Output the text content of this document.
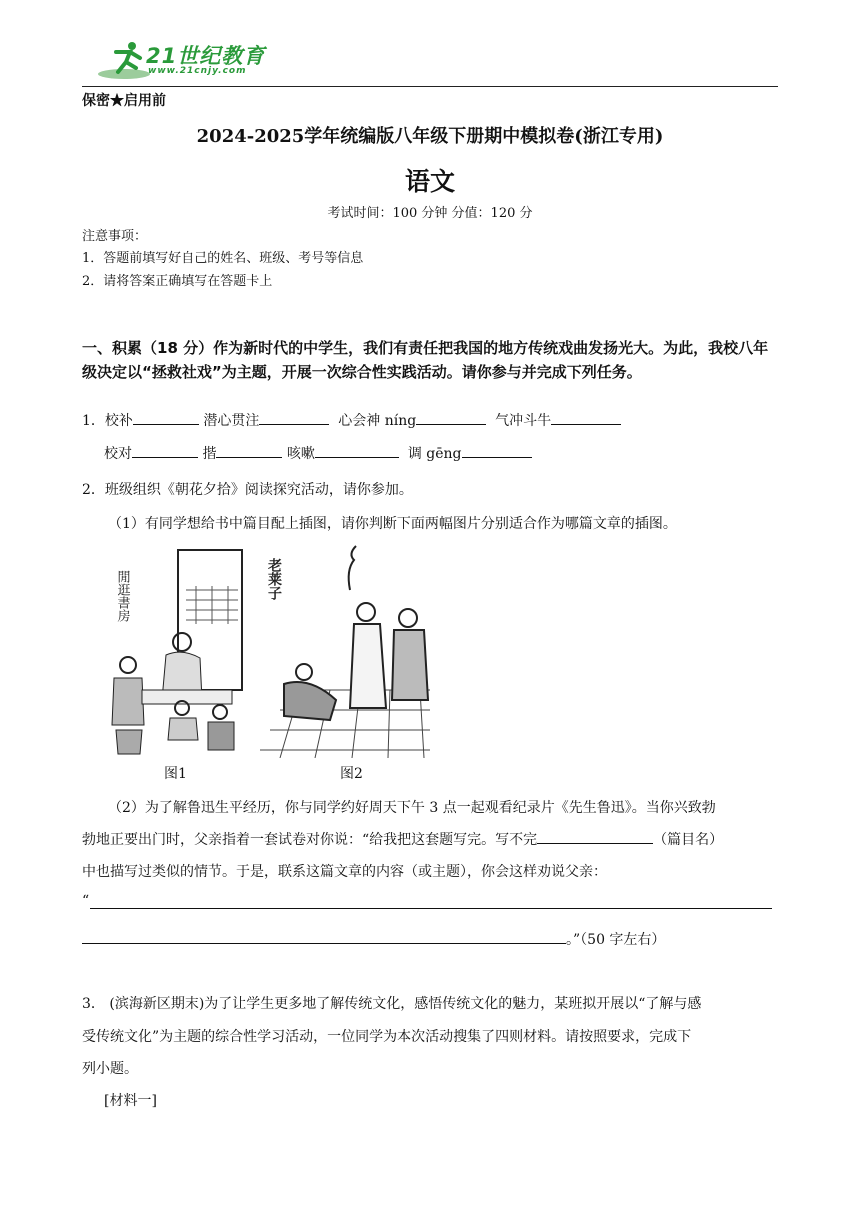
21世纪教育
www.21cnjy.com
保密★启用前
2024-2025学年统编版八年级下册期中模拟卷(浙江专用)
语文
考试时间：100 分钟 分值：120 分
注意事项：
1．答题前填写好自己的姓名、班级、考号等信息
2．请将答案正确填写在答题卡上
一、积累（18 分）作为新时代的中学生，我们有责任把我国的地方传统戏曲发扬光大。为此，我校八年级决定以“拯救社戏”为主题，开展一次综合性实践活动。请你参与并完成下列任务。
1．校补	潜心贯注	心会神 níng	气冲斗牛
校对	揩	咳嗽	调 gēng
2．班级组织《朝花夕拾》阅读探究活动，请你参加。
（1）有同学想给书中篇目配上插图，请你判断下面两幅图片分别适合作为哪篇文章的插图。
閒逛書房	老莱子
图1	图2
（2）为了解鲁迅生平经历，你与同学约好周天下午 3 点一起观看纪录片《先生鲁迅》。当你兴致勃
勃地正要出门时，父亲指着一套试卷对你说：“给我把这套题写完。写不完	（篇目名）
中也描写过类似的情节。于是，联系这篇文章的内容（或主题），你会这样劝说父亲：
“
。”（50 字左右）
3． (滨海新区期末)为了让学生更多地了解传统文化，感悟传统文化的魅力，某班拟开展以“了解与感
受传统文化”为主题的综合性学习活动，一位同学为本次活动搜集了四则材料。请按照要求，完成下
列小题。
[材料一]
